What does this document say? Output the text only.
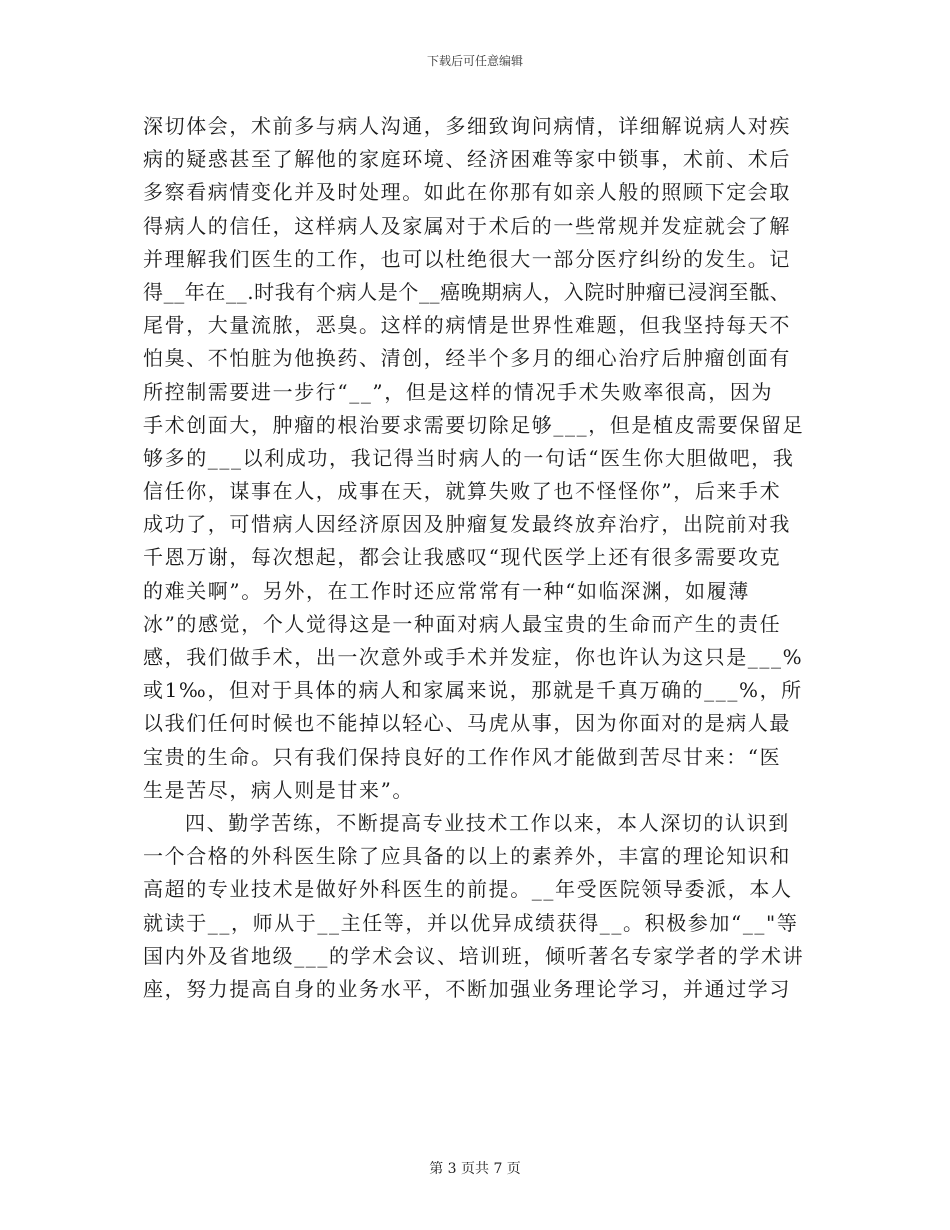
下载后可任意编辑
深切体会，术前多与病人沟通，多细致询问病情，详细解说病人对疾
病的疑惑甚至了解他的家庭环境、经济困难等家中锁事，术前、术后
多察看病情变化并及时处理。如此在你那有如亲人般的照顾下定会取
得病人的信任，这样病人及家属对于术后的一些常规并发症就会了解
并理解我们医生的工作，也可以杜绝很大一部分医疗纠纷的发生。记
得__年在__.时我有个病人是个__癌晚期病人，入院时肿瘤已浸润至骶、
尾骨，大量流脓，恶臭。这样的病情是世界性难题，但我坚持每天不
怕臭、不怕脏为他换药、清创，经半个多月的细心治疗后肿瘤创面有
所控制需要进一步行“__”，但是这样的情况手术失败率很高，因为
手术创面大，肿瘤的根治要求需要切除足够___，但是植皮需要保留足
够多的___以利成功，我记得当时病人的一句话“医生你大胆做吧，我
信任你，谋事在人，成事在天，就算失败了也不怪怪你”，后来手术
成功了，可惜病人因经济原因及肿瘤复发最终放弃治疗，出院前对我
千恩万谢，每次想起，都会让我感叹“现代医学上还有很多需要攻克
的难关啊”。另外，在工作时还应常常有一种“如临深渊，如履薄
冰”的感觉，个人觉得这是一种面对病人最宝贵的生命而产生的责任
感，我们做手术，出一次意外或手术并发症，你也许认为这只是___%
或1‰，但对于具体的病人和家属来说，那就是千真万确的___%，所
以我们任何时候也不能掉以轻心、马虎从事，因为你面对的是病人最
宝贵的生命。只有我们保持良好的工作作风才能做到苦尽甘来：“医
生是苦尽，病人则是甘来”。
四、勤学苦练，不断提高专业技术工作以来，本人深切的认识到
一个合格的外科医生除了应具备的以上的素养外，丰富的理论知识和
高超的专业技术是做好外科医生的前提。__年受医院领导委派，本人
就读于__，师从于__主任等，并以优异成绩获得__。积极参加“__"等
国内外及省地级___的学术会议、培训班，倾听著名专家学者的学术讲
座，努力提高自身的业务水平，不断加强业务理论学习，并通过学习
第 3 页共 7 页
